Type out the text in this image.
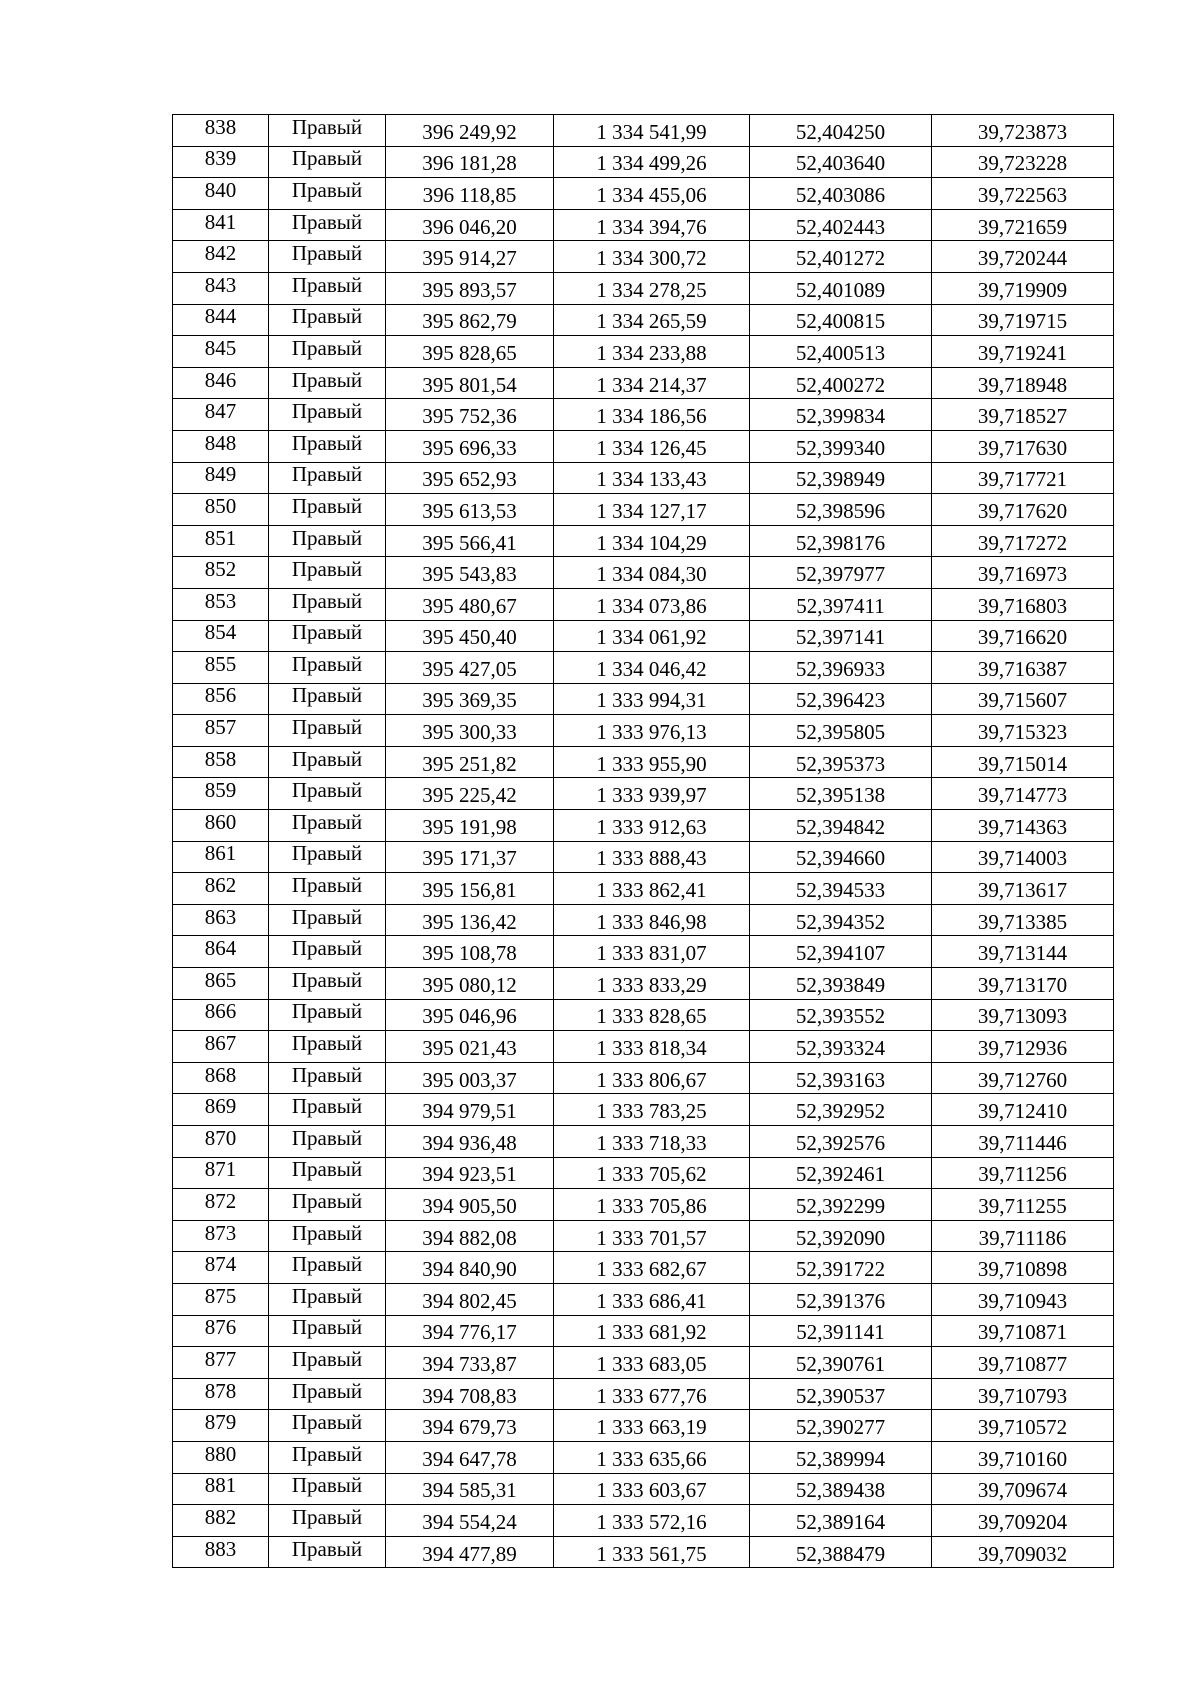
838	Правый	396 249,92	1 334 541,99	52,404250	39,723873
839	Правый	396 181,28	1 334 499,26	52,403640	39,723228
840	Правый	396 118,85	1 334 455,06	52,403086	39,722563
841	Правый	396 046,20	1 334 394,76	52,402443	39,721659
842	Правый	395 914,27	1 334 300,72	52,401272	39,720244
843	Правый	395 893,57	1 334 278,25	52,401089	39,719909
844	Правый	395 862,79	1 334 265,59	52,400815	39,719715
845	Правый	395 828,65	1 334 233,88	52,400513	39,719241
846	Правый	395 801,54	1 334 214,37	52,400272	39,718948
847	Правый	395 752,36	1 334 186,56	52,399834	39,718527
848	Правый	395 696,33	1 334 126,45	52,399340	39,717630
849	Правый	395 652,93	1 334 133,43	52,398949	39,717721
850	Правый	395 613,53	1 334 127,17	52,398596	39,717620
851	Правый	395 566,41	1 334 104,29	52,398176	39,717272
852	Правый	395 543,83	1 334 084,30	52,397977	39,716973
853	Правый	395 480,67	1 334 073,86	52,397411	39,716803
854	Правый	395 450,40	1 334 061,92	52,397141	39,716620
855	Правый	395 427,05	1 334 046,42	52,396933	39,716387
856	Правый	395 369,35	1 333 994,31	52,396423	39,715607
857	Правый	395 300,33	1 333 976,13	52,395805	39,715323
858	Правый	395 251,82	1 333 955,90	52,395373	39,715014
859	Правый	395 225,42	1 333 939,97	52,395138	39,714773
860	Правый	395 191,98	1 333 912,63	52,394842	39,714363
861	Правый	395 171,37	1 333 888,43	52,394660	39,714003
862	Правый	395 156,81	1 333 862,41	52,394533	39,713617
863	Правый	395 136,42	1 333 846,98	52,394352	39,713385
864	Правый	395 108,78	1 333 831,07	52,394107	39,713144
865	Правый	395 080,12	1 333 833,29	52,393849	39,713170
866	Правый	395 046,96	1 333 828,65	52,393552	39,713093
867	Правый	395 021,43	1 333 818,34	52,393324	39,712936
868	Правый	395 003,37	1 333 806,67	52,393163	39,712760
869	Правый	394 979,51	1 333 783,25	52,392952	39,712410
870	Правый	394 936,48	1 333 718,33	52,392576	39,711446
871	Правый	394 923,51	1 333 705,62	52,392461	39,711256
872	Правый	394 905,50	1 333 705,86	52,392299	39,711255
873	Правый	394 882,08	1 333 701,57	52,392090	39,711186
874	Правый	394 840,90	1 333 682,67	52,391722	39,710898
875	Правый	394 802,45	1 333 686,41	52,391376	39,710943
876	Правый	394 776,17	1 333 681,92	52,391141	39,710871
877	Правый	394 733,87	1 333 683,05	52,390761	39,710877
878	Правый	394 708,83	1 333 677,76	52,390537	39,710793
879	Правый	394 679,73	1 333 663,19	52,390277	39,710572
880	Правый	394 647,78	1 333 635,66	52,389994	39,710160
881	Правый	394 585,31	1 333 603,67	52,389438	39,709674
882	Правый	394 554,24	1 333 572,16	52,389164	39,709204
883	Правый	394 477,89	1 333 561,75	52,388479	39,709032
